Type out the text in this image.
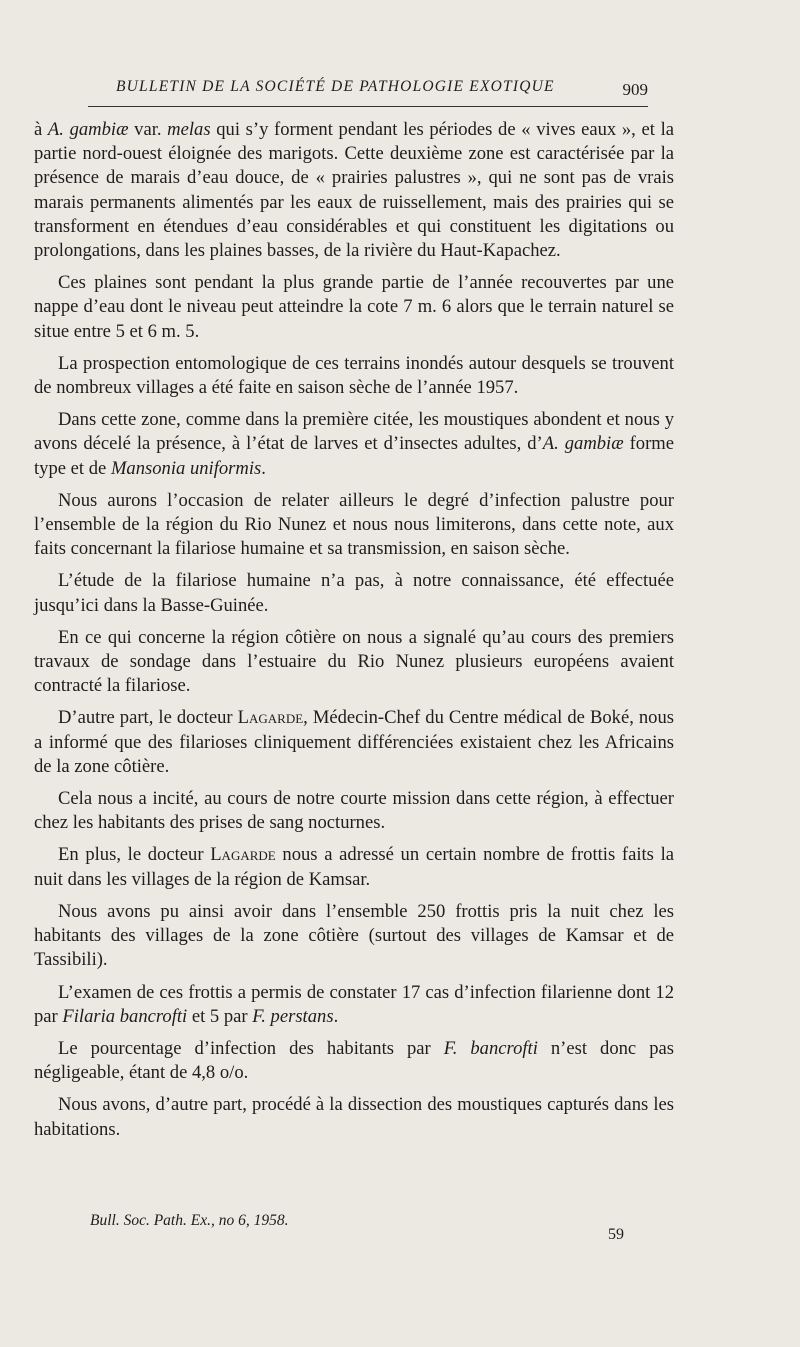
BULLETIN DE LA SOCIÉTÉ DE PATHOLOGIE EXOTIQUE	909

à A. gambiæ var. melas qui s’y forment pendant les périodes de « vives eaux », et la partie nord-ouest éloignée des marigots. Cette deuxième zone est caractérisée par la présence de marais d’eau douce, de « prairies palustres », qui ne sont pas de vrais marais permanents alimentés par les eaux de ruissellement, mais des prairies qui se transforment en étendues d’eau considérables et qui constituent les digitations ou prolongations, dans les plaines basses, de la rivière du Haut-Kapachez.

Ces plaines sont pendant la plus grande partie de l’année recouvertes par une nappe d’eau dont le niveau peut atteindre la cote 7 m. 6 alors que le terrain naturel se situe entre 5 et 6 m. 5.

La prospection entomologique de ces terrains inondés autour desquels se trouvent de nombreux villages a été faite en saison sèche de l’année 1957.

Dans cette zone, comme dans la première citée, les moustiques abondent et nous y avons décelé la présence, à l’état de larves et d’insectes adultes, d’A. gambiæ forme type et de Mansonia uniformis.

Nous aurons l’occasion de relater ailleurs le degré d’infection palustre pour l’ensemble de la région du Rio Nunez et nous nous limiterons, dans cette note, aux faits concernant la filariose humaine et sa transmission, en saison sèche.

L’étude de la filariose humaine n’a pas, à notre connaissance, été effectuée jusqu’ici dans la Basse-Guinée.

En ce qui concerne la région côtière on nous a signalé qu’au cours des premiers travaux de sondage dans l’estuaire du Rio Nunez plusieurs européens avaient contracté la filariose.

D’autre part, le docteur Lagarde, Médecin-Chef du Centre médical de Boké, nous a informé que des filarioses cliniquement différenciées existaient chez les Africains de la zone côtière.

Cela nous a incité, au cours de notre courte mission dans cette région, à effectuer chez les habitants des prises de sang nocturnes.

En plus, le docteur Lagarde nous a adressé un certain nombre de frottis faits la nuit dans les villages de la région de Kamsar.

Nous avons pu ainsi avoir dans l’ensemble 250 frottis pris la nuit chez les habitants des villages de la zone côtière (surtout des villages de Kamsar et de Tassibili).

L’examen de ces frottis a permis de constater 17 cas d’infection filarienne dont 12 par Filaria bancrofti et 5 par F. perstans.

Le pourcentage d’infection des habitants par F. bancrofti n’est donc pas négligeable, étant de 4,8 o/o.

Nous avons, d’autre part, procédé à la dissection des moustiques capturés dans les habitations.

Bull. Soc. Path. Ex., no 6, 1958.
59
